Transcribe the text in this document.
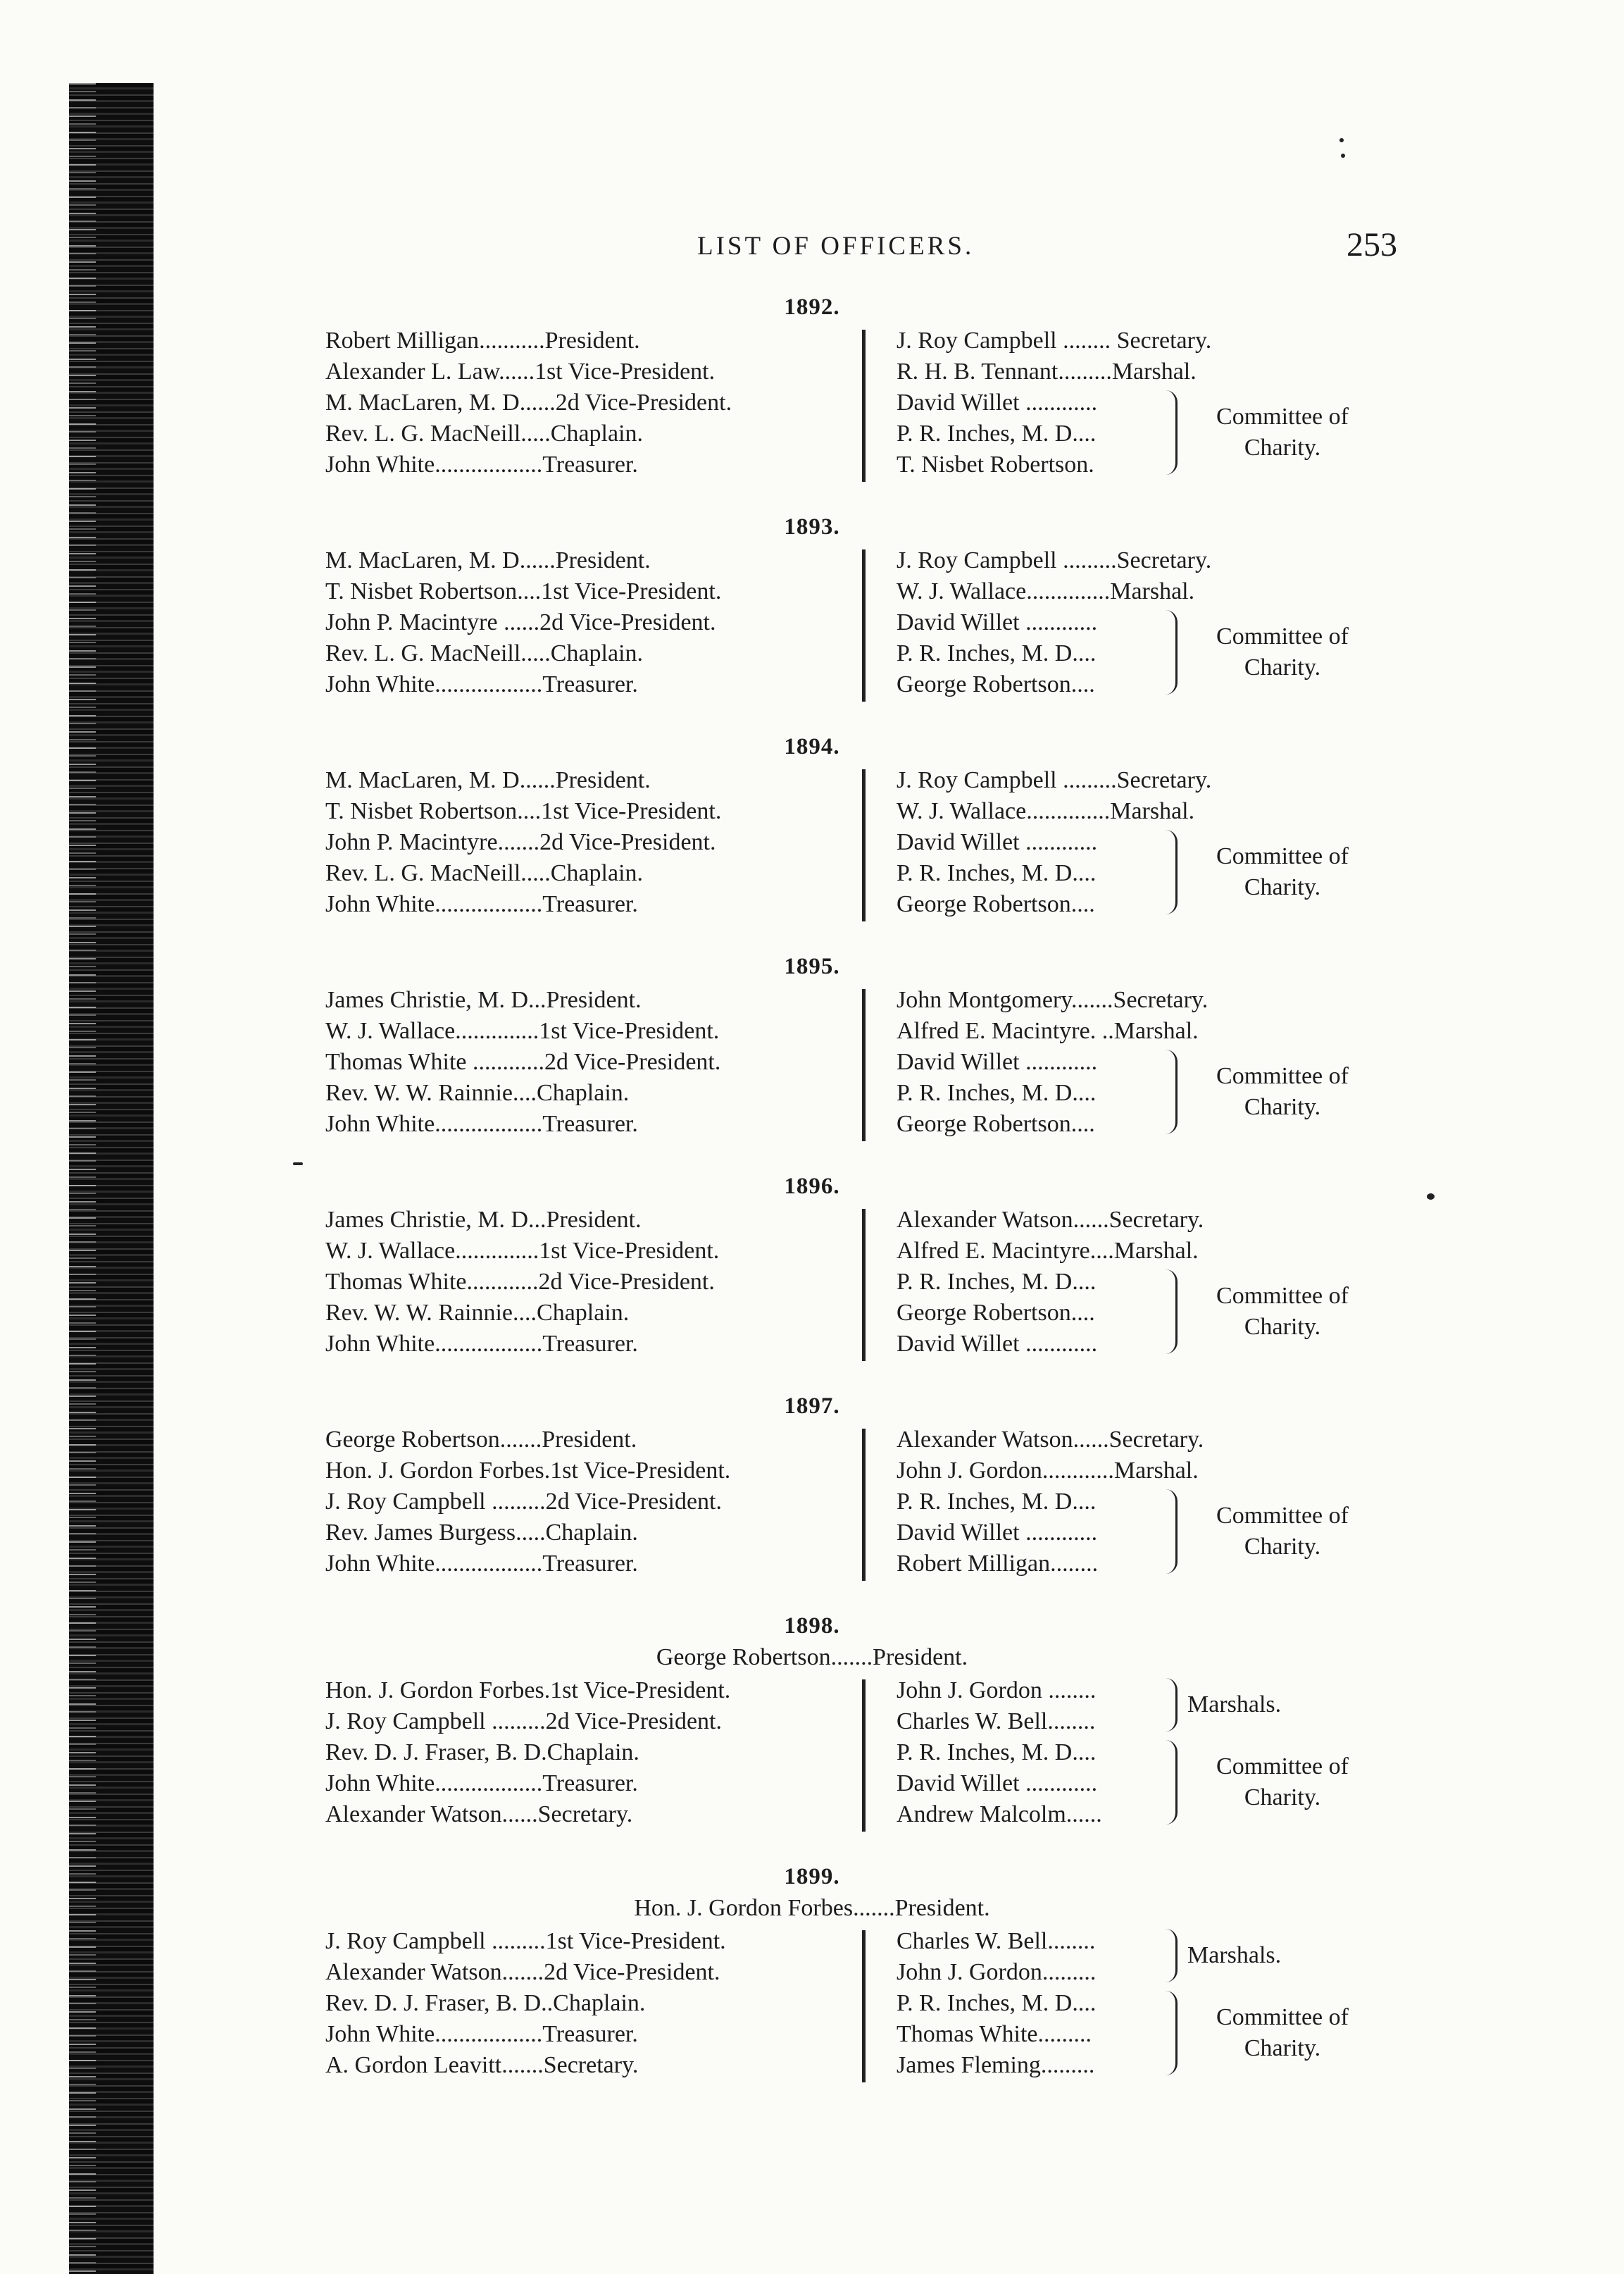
LIST OF OFFICERS.	253
1892.
Robert Milligan...........President.
Alexander L. Law......1st Vice-President.
M. MacLaren, M. D......2d Vice-President.
Rev. L. G. MacNeill.....Chaplain.
John White..................Treasurer.
J. Roy Campbell ........ Secretary.
R. H. B. Tennant.........Marshal.
David Willet ............
P. R. Inches, M. D....
T. Nisbet Robertson.
Committee of
Charity.
1893.
M. MacLaren, M. D......President.
T. Nisbet Robertson....1st Vice-President.
John P. Macintyre ......2d Vice-President.
Rev. L. G. MacNeill.....Chaplain.
John White..................Treasurer.
J. Roy Campbell .........Secretary.
W. J. Wallace..............Marshal.
David Willet ............
P. R. Inches, M. D....
George Robertson....
Committee of
Charity.
1894.
M. MacLaren, M. D......President.
T. Nisbet Robertson....1st Vice-President.
John P. Macintyre.......2d Vice-President.
Rev. L. G. MacNeill.....Chaplain.
John White..................Treasurer.
J. Roy Campbell .........Secretary.
W. J. Wallace..............Marshal.
David Willet ............
P. R. Inches, M. D....
George Robertson....
Committee of
Charity.
1895.
James Christie, M. D...President.
W. J. Wallace..............1st Vice-President.
Thomas White ............2d Vice-President.
Rev. W. W. Rainnie....Chaplain.
John White..................Treasurer.
John Montgomery.......Secretary.
Alfred E. Macintyre. ..Marshal.
David Willet ............
P. R. Inches, M. D....
George Robertson....
Committee of
Charity.
1896.
James Christie, M. D...President.
W. J. Wallace..............1st Vice-President.
Thomas White............2d Vice-President.
Rev. W. W. Rainnie....Chaplain.
John White..................Treasurer.
Alexander Watson......Secretary.
Alfred E. Macintyre....Marshal.
P. R. Inches, M. D....
George Robertson....
David Willet ............
Committee of
Charity.
1897.
George Robertson.......President.
Hon. J. Gordon Forbes.1st Vice-President.
J. Roy Campbell .........2d Vice-President.
Rev. James Burgess.....Chaplain.
John White..................Treasurer.
Alexander Watson......Secretary.
John J. Gordon............Marshal.
P. R. Inches, M. D....
David Willet ............
Robert Milligan........
Committee of
Charity.
1898.
George Robertson.......President.
Hon. J. Gordon Forbes.1st Vice-President.
J. Roy Campbell .........2d Vice-President.
Rev. D. J. Fraser, B. D.Chaplain.
John White..................Treasurer.
Alexander Watson......Secretary.
Marshals.
John J. Gordon ........
Charles W. Bell........
P. R. Inches, M. D....
David Willet ............
Andrew Malcolm......
Committee of
Charity.
1899.
Hon. J. Gordon Forbes.......President.
J. Roy Campbell .........1st Vice-President.
Alexander Watson.......2d Vice-President.
Rev. D. J. Fraser, B. D..Chaplain.
John White..................Treasurer.
A. Gordon Leavitt.......Secretary.
Marshals.
Charles W. Bell........
John J. Gordon.........
P. R. Inches, M. D....
Thomas White.........
James Fleming.........
Committee of
Charity.
